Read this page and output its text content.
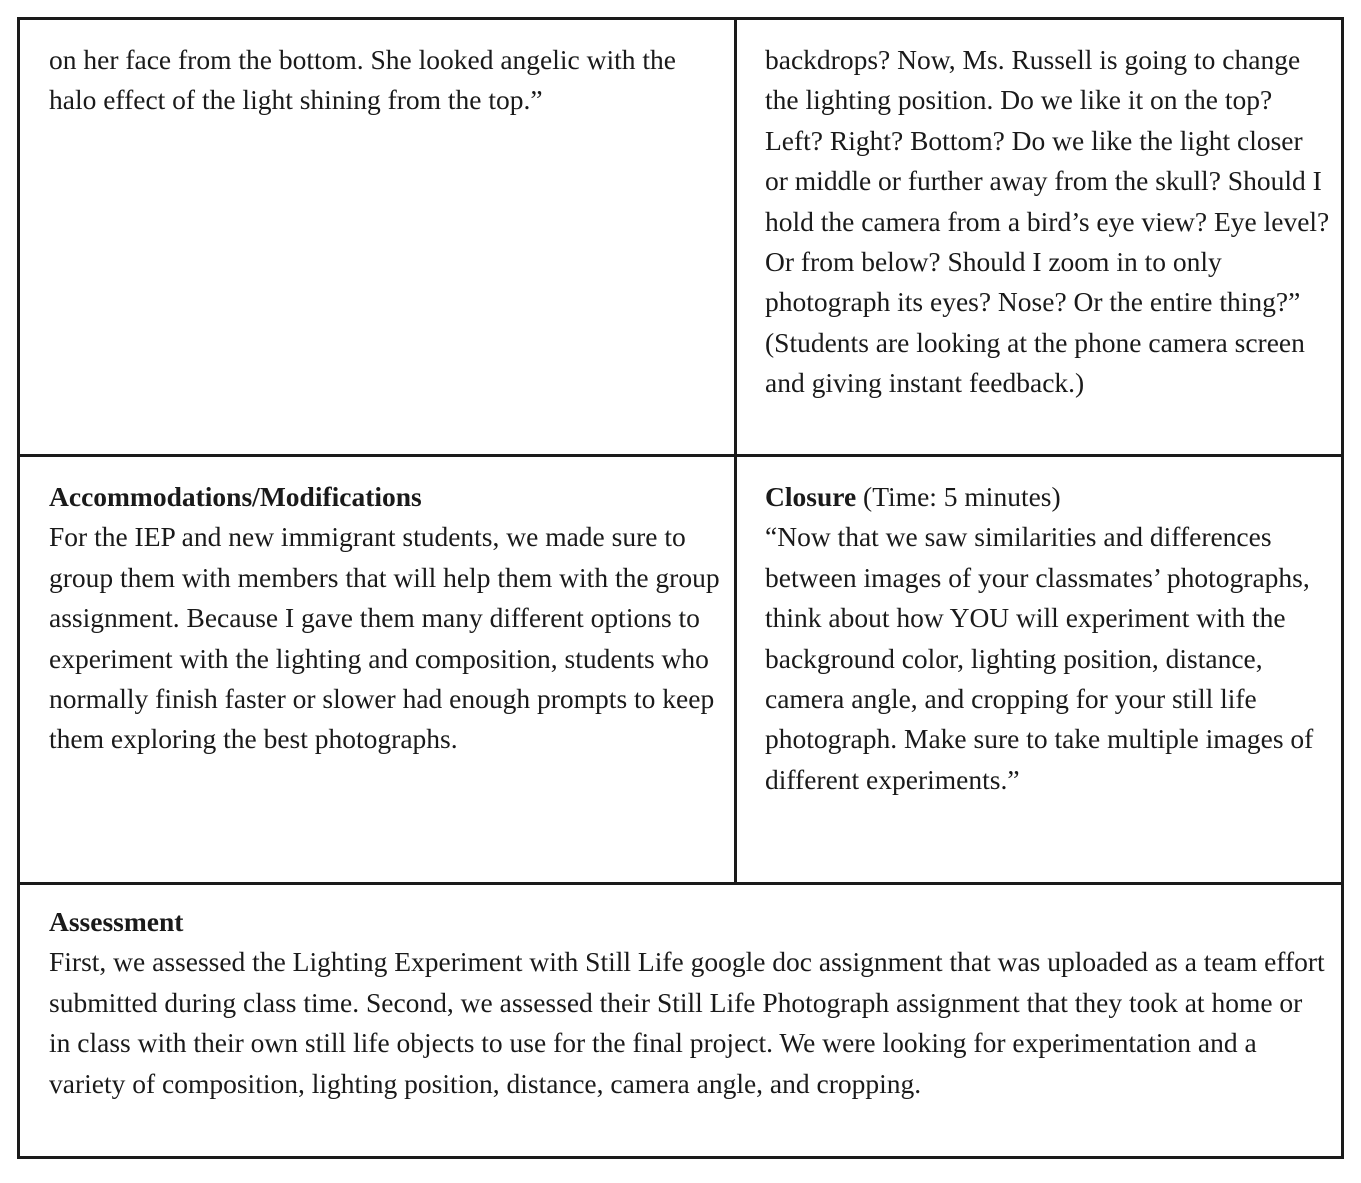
on her face from the bottom. She looked angelic with the halo effect of the light shining from the top.”

backdrops? Now, Ms. Russell is going to change the lighting position. Do we like it on the top? Left? Right? Bottom? Do we like the light closer or middle or further away from the skull? Should I hold the camera from a bird’s eye view? Eye level? Or from below? Should I zoom in to only photograph its eyes? Nose? Or the entire thing?” (Students are looking at the phone camera screen and giving instant feedback.)

Accommodations/Modifications
For the IEP and new immigrant students, we made sure to group them with members that will help them with the group assignment. Because I gave them many different options to experiment with the lighting and composition, students who normally finish faster or slower had enough prompts to keep them exploring the best photographs.

Closure (Time: 5 minutes)
“Now that we saw similarities and differences between images of your classmates’ photographs, think about how YOU will experiment with the background color, lighting position, distance, camera angle, and cropping for your still life photograph. Make sure to take multiple images of different experiments.”

Assessment
First, we assessed the Lighting Experiment with Still Life google doc assignment that was uploaded as a team effort submitted during class time. Second, we assessed their Still Life Photograph assignment that they took at home or in class with their own still life objects to use for the final project. We were looking for experimentation and a variety of composition, lighting position, distance, camera angle, and cropping.
